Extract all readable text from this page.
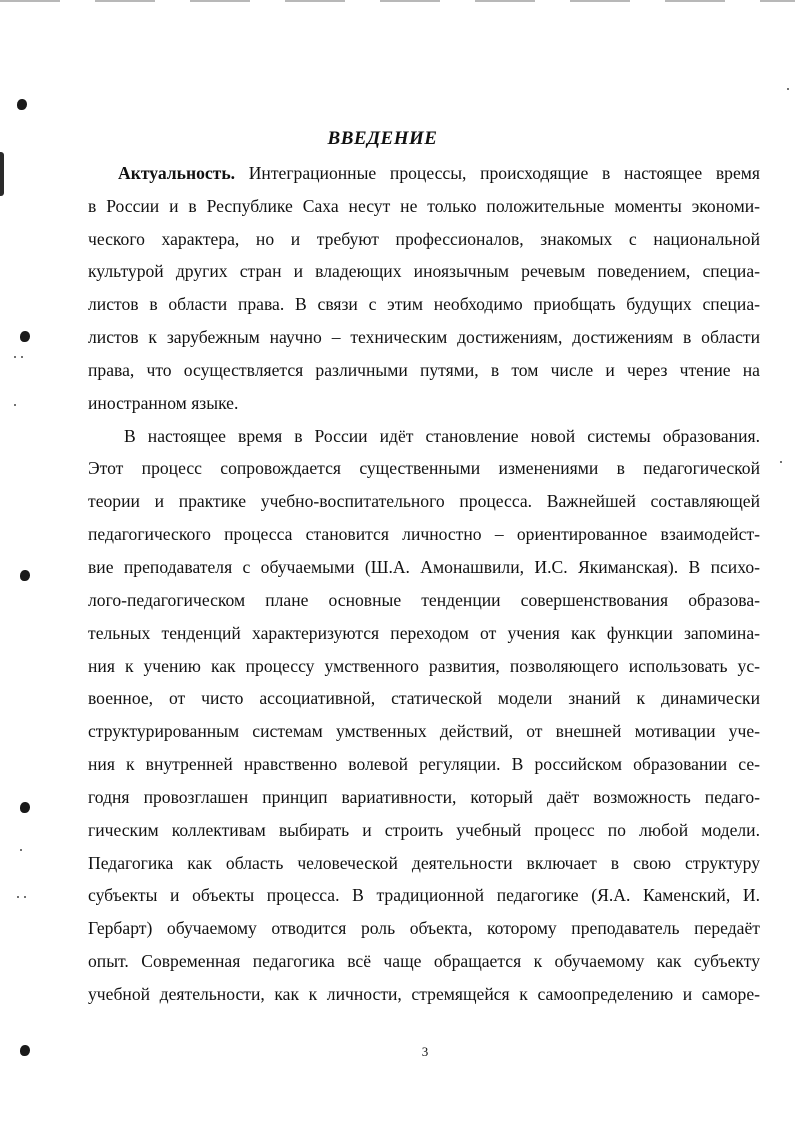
ВВЕДЕНИЕ
Актуальность. Интеграционные процессы, происходящие в настоящее время
в России и в Республике Саха несут не только положительные моменты экономи-
ческого характера, но и требуют профессионалов, знакомых с национальной
культурой других стран и владеющих иноязычным речевым поведением, специа-
листов в области права. В связи с этим необходимо приобщать будущих специа-
листов к зарубежным научно – техническим достижениям, достижениям в области
права, что осуществляется различными путями, в том числе и через чтение на
иностранном языке.
В настоящее время в России идёт становление новой системы образования.
Этот процесс сопровождается существенными изменениями в педагогической
теории и практике учебно-воспитательного процесса. Важнейшей составляющей
педагогического процесса становится личностно – ориентированное взаимодейст-
вие преподавателя с обучаемыми (Ш.А. Амонашвили, И.С. Якиманская). В психо-
лого-педагогическом плане основные тенденции совершенствования образова-
тельных тенденций характеризуются переходом от учения как функции запомина-
ния к учению как процессу умственного развития, позволяющего использовать ус-
военное, от чисто ассоциативной, статической модели знаний к динамически
структурированным системам умственных действий, от внешней мотивации уче-
ния к внутренней нравственно волевой регуляции. В российском образовании се-
годня провозглашен принцип вариативности, который даёт возможность педаго-
гическим коллективам выбирать и строить учебный процесс по любой модели.
Педагогика как область человеческой деятельности включает в свою структуру
субъекты и объекты процесса. В традиционной педагогике (Я.А. Каменский, И.
Гербарт) обучаемому отводится роль объекта, которому преподаватель передаёт
опыт. Современная педагогика всё чаще обращается к обучаемому как субъекту
учебной деятельности, как к личности, стремящейся к самоопределению и саморе-
3
